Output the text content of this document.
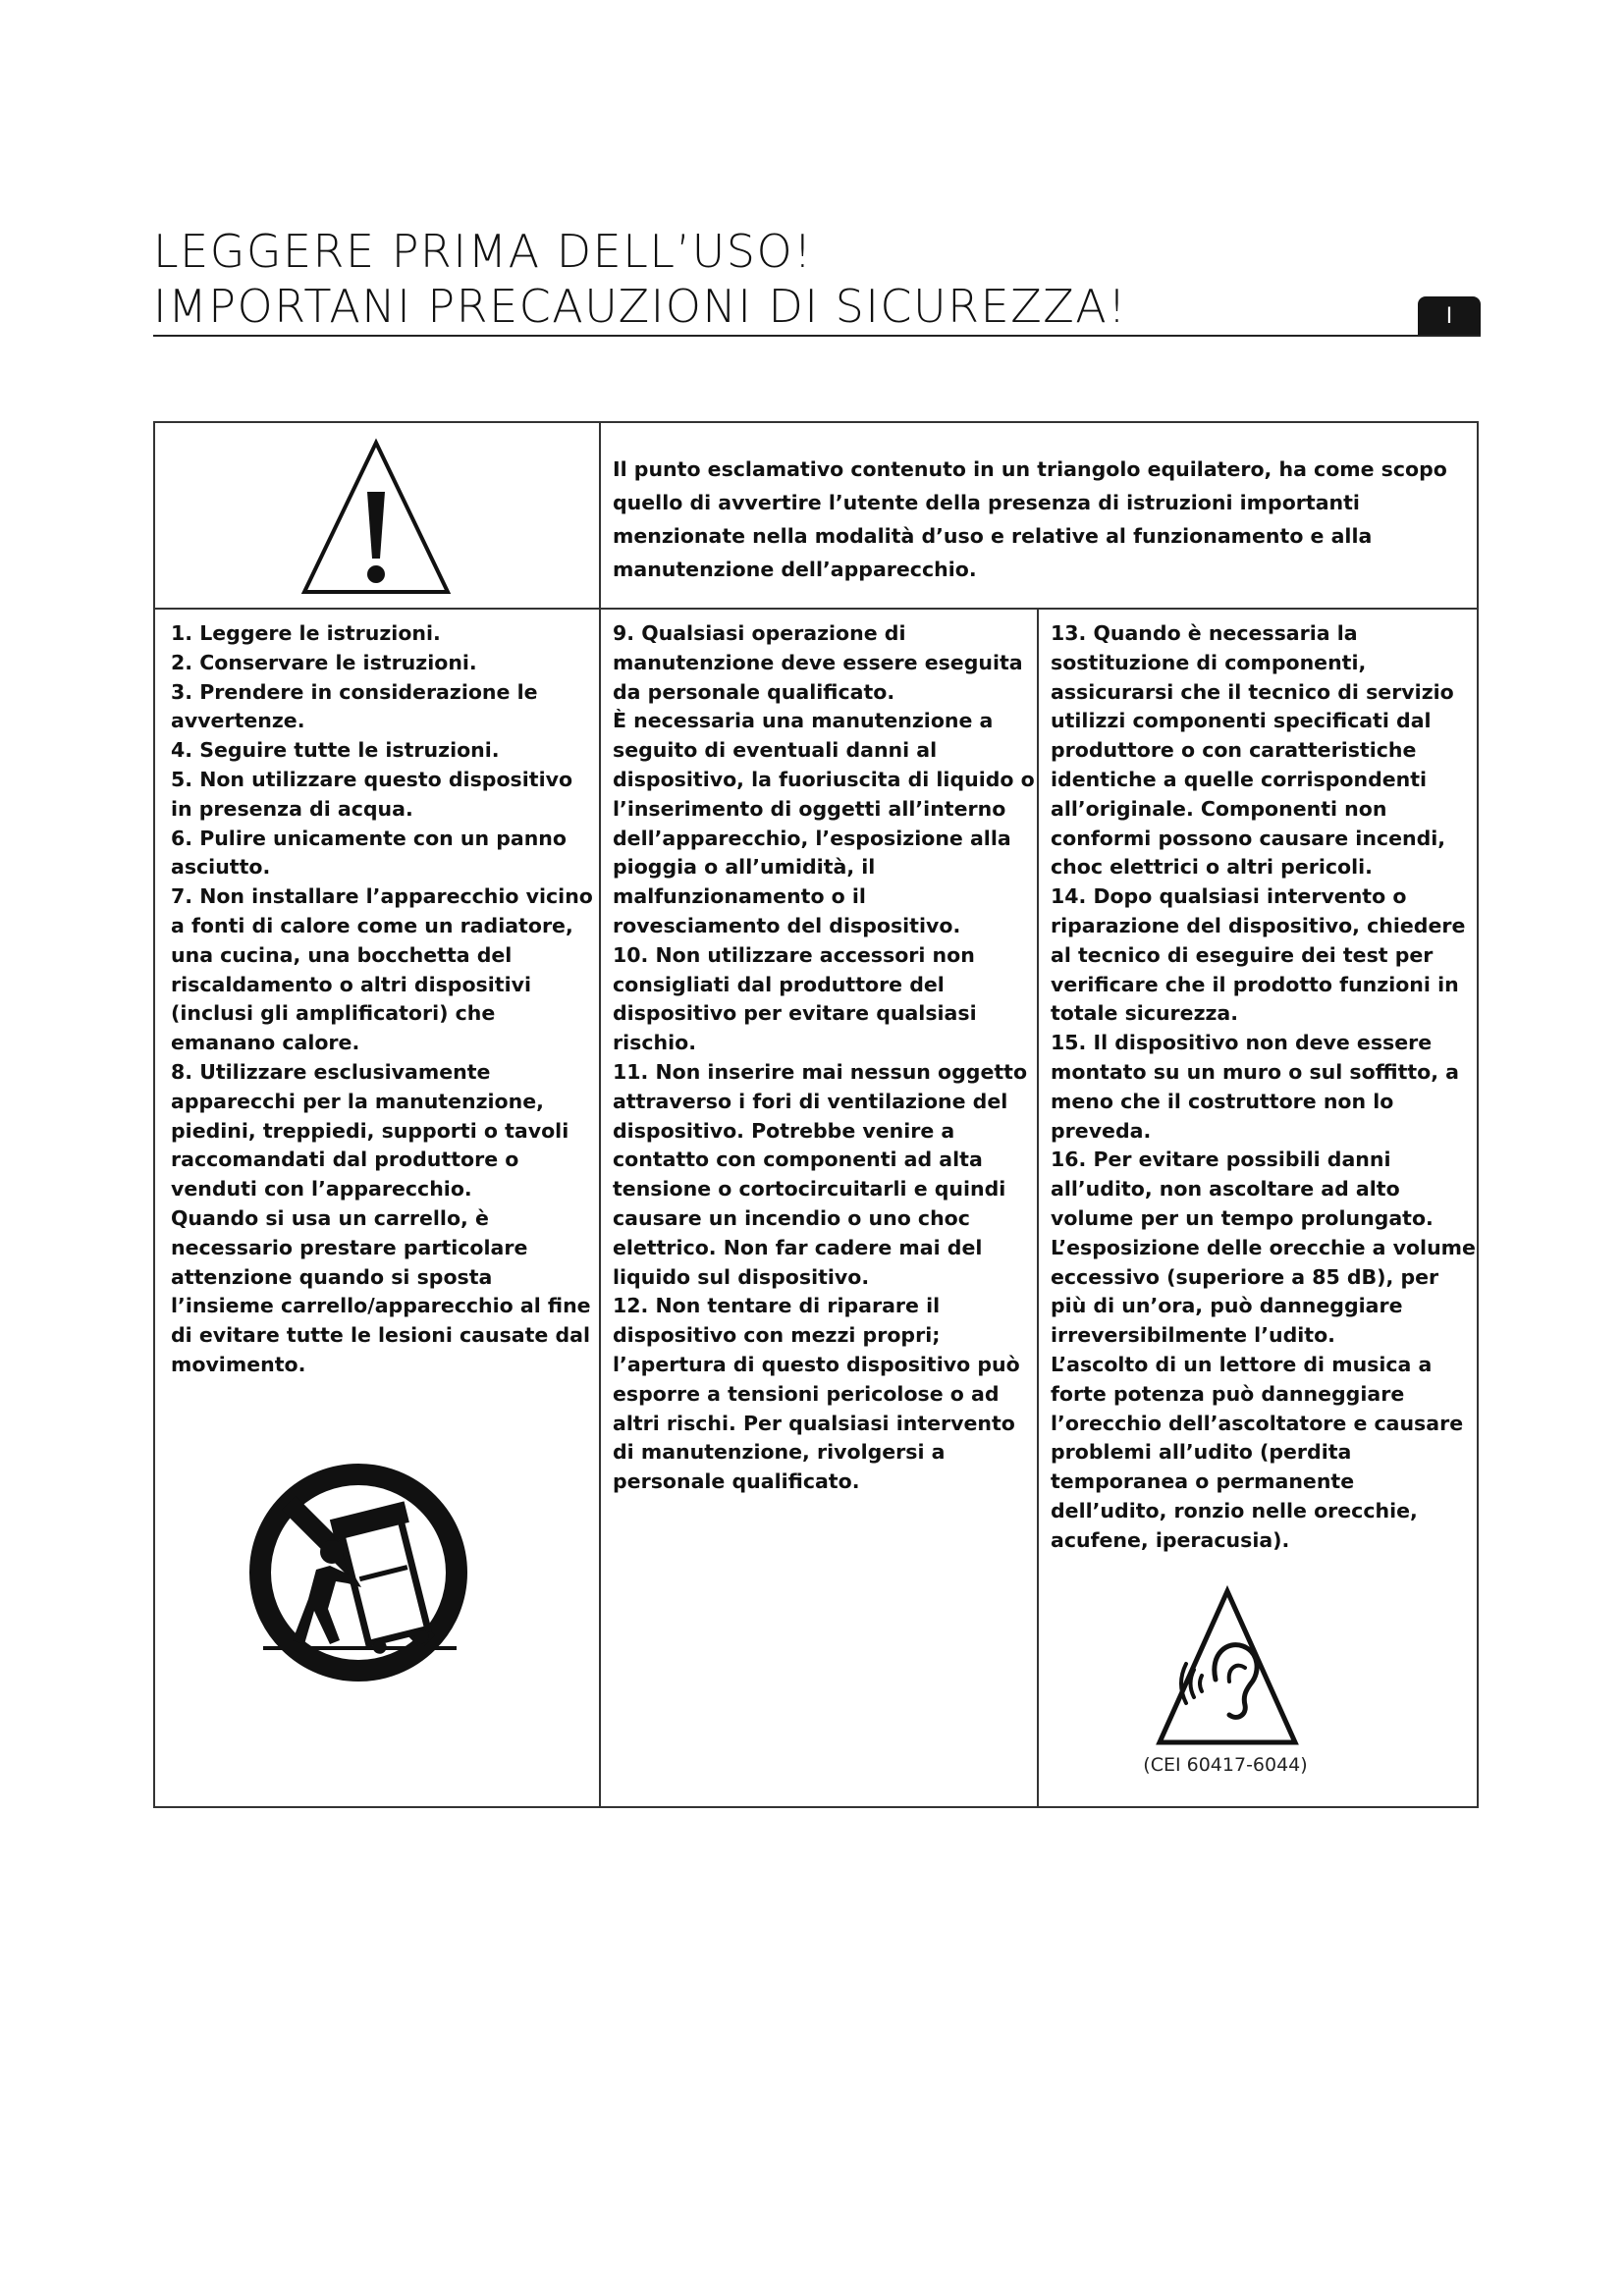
LEGGERE PRIMA DELL’USO!
IMPORTANI PRECAUZIONI DI SICUREZZA!	I
Il punto esclamativo contenuto in un triangolo equilatero, ha come scopo quello di avvertire l’utente della presenza di istruzioni importanti menzionate nella modalità d’uso e relative al funzionamento e alla manutenzione dell’apparecchio.

1. Leggere le istruzioni.

2. Conservare le istruzioni.

3. Prendere in considerazione le avvertenze.

4. Seguire tutte le istruzioni.

5. Non utilizzare questo dispositivo in presenza di acqua.

6. Pulire unicamente con un panno asciutto.

7. Non installare l’apparecchio vicino a fonti di calore come un radiatore, una cucina, una bocchetta del riscaldamento o altri dispositivi (inclusi gli amplificatori) che emanano calore.

8. Utilizzare esclusivamente apparecchi per la manutenzione, piedini, treppiedi, supporti o tavoli raccomandati dal produttore o venduti con l’apparecchio.

Quando si usa un carrello, è necessario prestare particolare attenzione quando si sposta l’insieme carrello/apparecchio al fine di evitare tutte le lesioni causate dal movimento.

9. Qualsiasi operazione di manutenzione deve essere eseguita da personale qualificato.

È necessaria una manutenzione a seguito di eventuali danni al dispositivo, la fuoriuscita di liquido o l’inserimento di oggetti all’interno dell’apparecchio, l’esposizione alla pioggia o all’umidità, il malfunzionamento o il rovesciamento del dispositivo.

10. Non utilizzare accessori non consigliati dal produttore del dispositivo per evitare qualsiasi rischio.

11. Non inserire mai nessun oggetto attraverso i fori di ventilazione del dispositivo. Potrebbe venire a contatto con componenti ad alta tensione o cortocircuitarli e quindi causare un incendio o uno choc elettrico. Non far cadere mai del liquido sul dispositivo.

12. Non tentare di riparare il dispositivo con mezzi propri; l’apertura di questo dispositivo può esporre a tensioni pericolose o ad altri rischi. Per qualsiasi intervento di manutenzione, rivolgersi a personale qualificato.

13. Quando è necessaria la sostituzione di componenti, assicurarsi che il tecnico di servizio utilizzi componenti specificati dal produttore o con caratteristiche identiche a quelle corrispondenti all’originale. Componenti non conformi possono causare incendi, choc elettrici o altri pericoli.

14. Dopo qualsiasi intervento o riparazione del dispositivo, chiedere al tecnico di eseguire dei test per verificare che il prodotto funzioni in totale sicurezza.

15. Il dispositivo non deve essere montato su un muro o sul soffitto, a meno che il costruttore non lo preveda.

16. Per evitare possibili danni all’udito, non ascoltare ad alto volume per un tempo prolungato. L’esposizione delle orecchie a volume eccessivo (superiore a 85 dB), per più di un’ora, può danneggiare irreversibilmente l’udito.

L’ascolto di un lettore di musica a forte potenza può danneggiare l’orecchio dell’ascoltatore e causare problemi all’udito (perdita temporanea o permanente dell’udito, ronzio nelle orecchie, acufene, iperacusia).

(CEI 60417-6044)
